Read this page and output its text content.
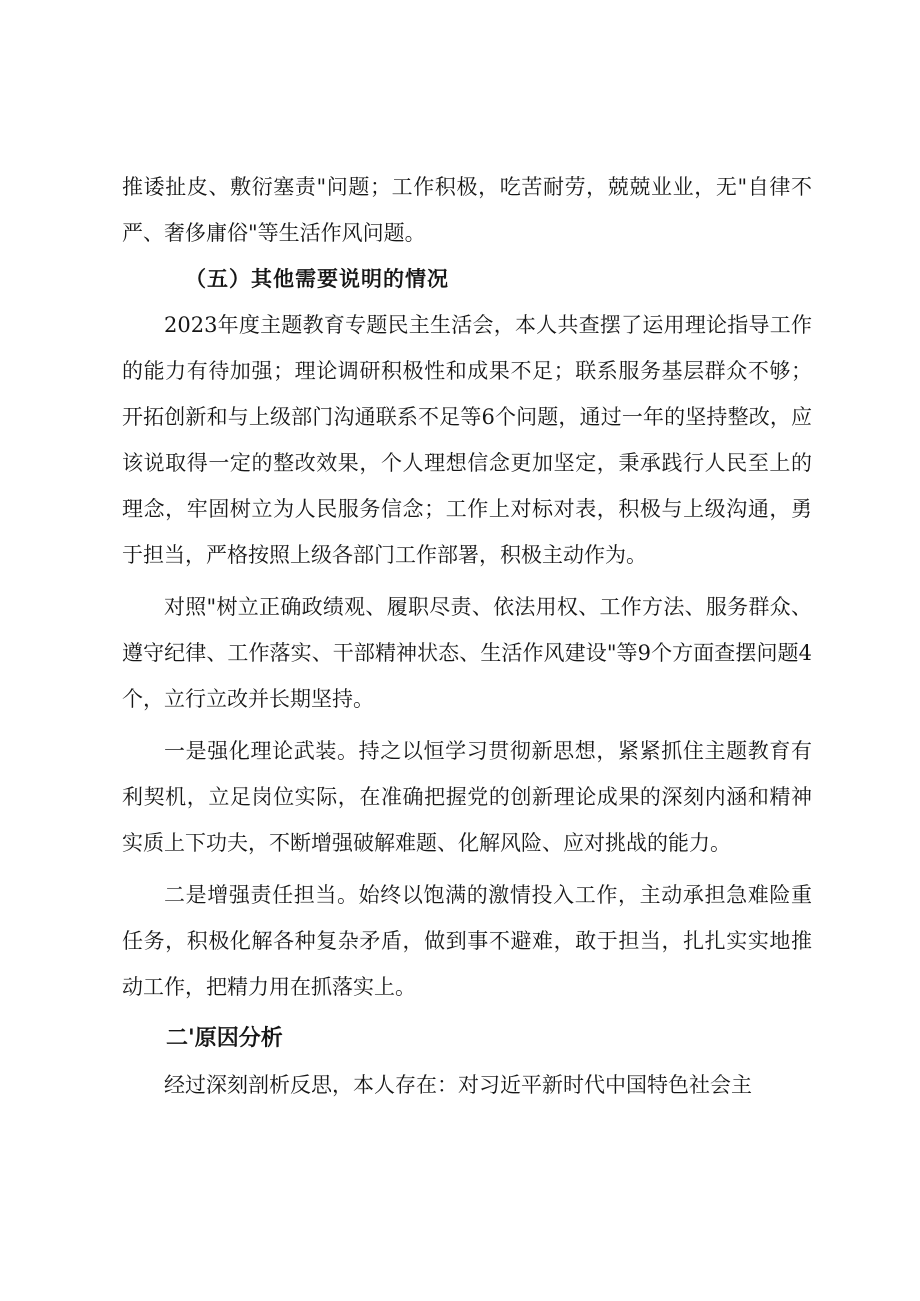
推诿扯皮、敷衍塞责"问题；工作积极，吃苦耐劳，兢兢业业，无"自律不严、奢侈庸俗"等生活作风问题。

（五）其他需要说明的情况

2023年度主题教育专题民主生活会，本人共查摆了运用理论指导工作的能力有待加强；理论调研积极性和成果不足；联系服务基层群众不够；开拓创新和与上级部门沟通联系不足等6个问题，通过一年的坚持整改，应该说取得一定的整改效果，个人理想信念更加坚定，秉承践行人民至上的理念，牢固树立为人民服务信念；工作上对标对表，积极与上级沟通，勇于担当，严格按照上级各部门工作部署，积极主动作为。

对照"树立正确政绩观、履职尽责、依法用权、工作方法、服务群众、遵守纪律、工作落实、干部精神状态、生活作风建设"等9个方面查摆问题4个，立行立改并长期坚持。

一是强化理论武装。持之以恒学习贯彻新思想，紧紧抓住主题教育有利契机，立足岗位实际，在准确把握党的创新理论成果的深刻内涵和精神实质上下功夫，不断增强破解难题、化解风险、应对挑战的能力。

二是增强责任担当。始终以饱满的激情投入工作，主动承担急难险重任务，积极化解各种复杂矛盾，做到事不避难，敢于担当，扎扎实实地推动工作，把精力用在抓落实上。

二'原因分析

经过深刻剖析反思，本人存在：对习近平新时代中国特色社会主
